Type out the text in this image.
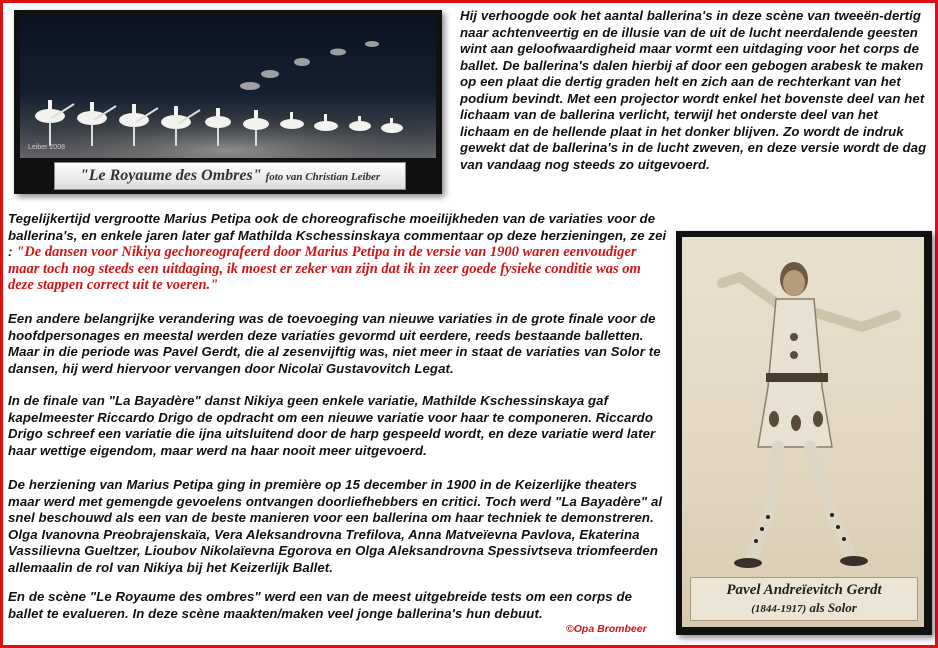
Leiber 2008
"Le Royaume des Ombres" foto van Christian Leiber
Hij verhoogde ook het aantal ballerina's in deze scène van tweeën-dertig naar achtenveertig en de illusie van de uit de lucht neerdalende geesten wint aan geloofwaardigheid maar vormt een uitdaging voor het corps de ballet. De ballerina's dalen hierbij af door een gebogen arabesk te maken op een plaat die dertig graden helt en zich aan de rechterkant van het podium bevindt. Met een projector wordt enkel het bovenste deel van het lichaam van de ballerina verlicht, terwijl het onderste deel van het lichaam en de hellende plaat in het donker blijven. Zo wordt de indruk gewekt dat de ballerina's in de lucht zweven, en deze versie wordt de dag van vandaag nog steeds zo uitgevoerd.
Tegelijkertijd vergrootte Marius Petipa ook de choreografische moeilijkheden van de variaties voor de ballerina's, en enkele jaren later gaf Mathilda Kschessinskaya commentaar op deze herzieningen, ze zei : "De dansen voor Nikiya gechoreografeerd door Marius Petipa in de versie van 1900 waren eenvoudiger maar toch nog steeds een uitdaging, ik moest er zeker van zijn dat ik in zeer goede fysieke conditie was om deze stappen correct uit te voeren."
Een andere belangrijke verandering was de toevoeging van nieuwe variaties in de grote finale voor de hoofdpersonages en meestal werden deze variaties gevormd uit eerdere, reeds bestaande balletten. Maar in die periode was Pavel Gerdt, die al zesenvijftig was, niet meer in staat de variaties van Solor te dansen, hij werd hiervoor vervangen door Nicolaï Gustavovitch Legat.
In de finale van "La Bayadère" danst Nikiya geen enkele variatie, Mathilde Kschessinskaya gaf kapelmeester Riccardo Drigo de opdracht om een nieuwe variatie voor haar te componeren. Riccardo Drigo schreef een variatie die ijna uitsluitend door de harp gespeeld wordt, en deze variatie werd later haar wettige eigendom, maar werd na haar nooit meer uitgevoerd.
De herziening van Marius Petipa ging in première op 15 december in 1900 in de Keizerlijke theaters maar werd met gemengde gevoelens ontvangen doorliefhebbers en critici. Toch werd "La Bayadère" al snel beschouwd als een van de beste manieren voor een ballerina om haar techniek te demonstreren. Olga Ivanovna Preobrajenskaïa, Vera Aleksandrovna Trefilova, Anna Matveïevna Pavlova, Ekaterina Vassilievna Gueltzer, Lioubov Nikolaïevna Egorova en Olga Aleksandrovna Spessivtseva triomfeerden allemaalin de rol van Nikiya bij het Keizerlijk Ballet.
En de scène "Le Royaume des ombres" werd een van de meest uitgebreide tests om een corps de ballet te evalueren. In deze scène maakten/maken veel jonge ballerina's hun debuut.
©Opa Brombeer
Pavel Andreïevitch Gerdt
(1844-1917) als Solor
